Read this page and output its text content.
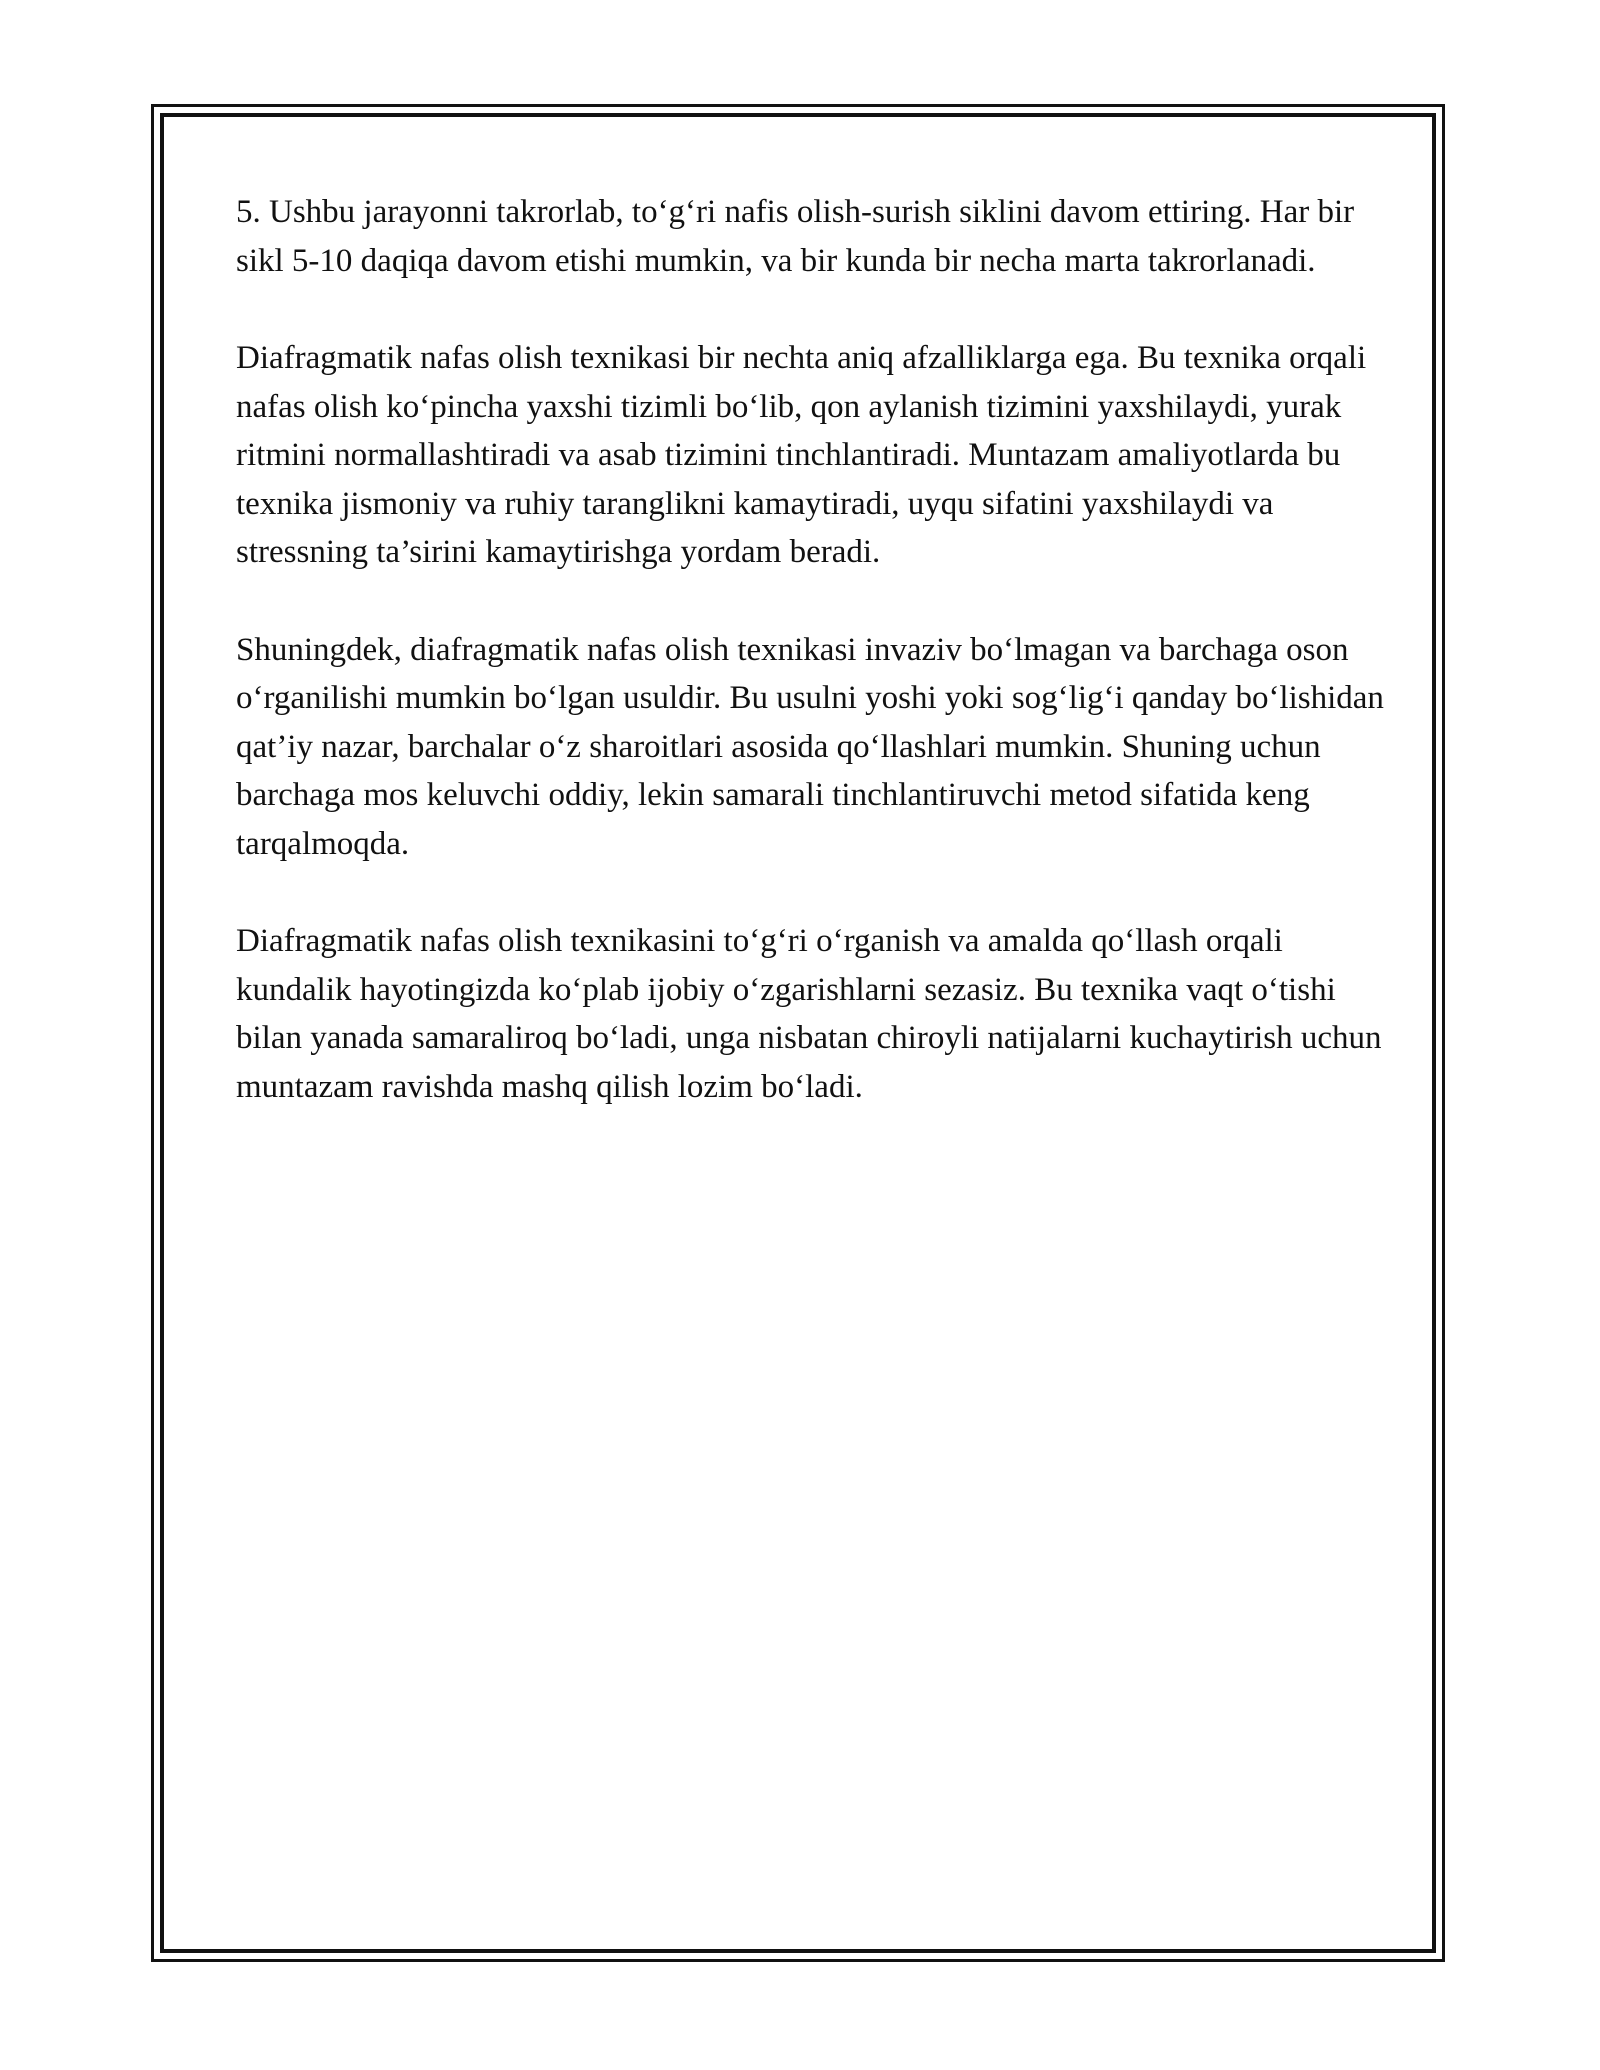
5. Ushbu jarayonni takrorlab, to‘g‘ri nafis olish-surish siklini davom ettiring. Har bir sikl 5-10 daqiqa davom etishi mumkin, va bir kunda bir necha marta takrorlanadi.

Diafragmatik nafas olish texnikasi bir nechta aniq afzalliklarga ega. Bu texnika orqali nafas olish ko‘pincha yaxshi tizimli bo‘lib, qon aylanish tizimini yaxshilaydi, yurak ritmini normallashtiradi va asab tizimini tinchlantiradi. Muntazam amaliyotlarda bu texnika jismoniy va ruhiy taranglikni kamaytiradi, uyqu sifatini yaxshilaydi va stressning ta’sirini kamaytirishga yordam beradi.

Shuningdek, diafragmatik nafas olish texnikasi invaziv bo‘lmagan va barchaga oson o‘rganilishi mumkin bo‘lgan usuldir. Bu usulni yoshi yoki sog‘lig‘i qanday bo‘lishidan qat’iy nazar, barchalar o‘z sharoitlari asosida qo‘llashlari mumkin. Shuning uchun barchaga mos keluvchi oddiy, lekin samarali tinchlantiruvchi metod sifatida keng tarqalmoqda.

Diafragmatik nafas olish texnikasini to‘g‘ri o‘rganish va amalda qo‘llash orqali kundalik hayotingizda ko‘plab ijobiy o‘zgarishlarni sezasiz. Bu texnika vaqt o‘tishi bilan yanada samaraliroq bo‘ladi, unga nisbatan chiroyli natijalarni kuchaytirish uchun muntazam ravishda mashq qilish lozim bo‘ladi.
